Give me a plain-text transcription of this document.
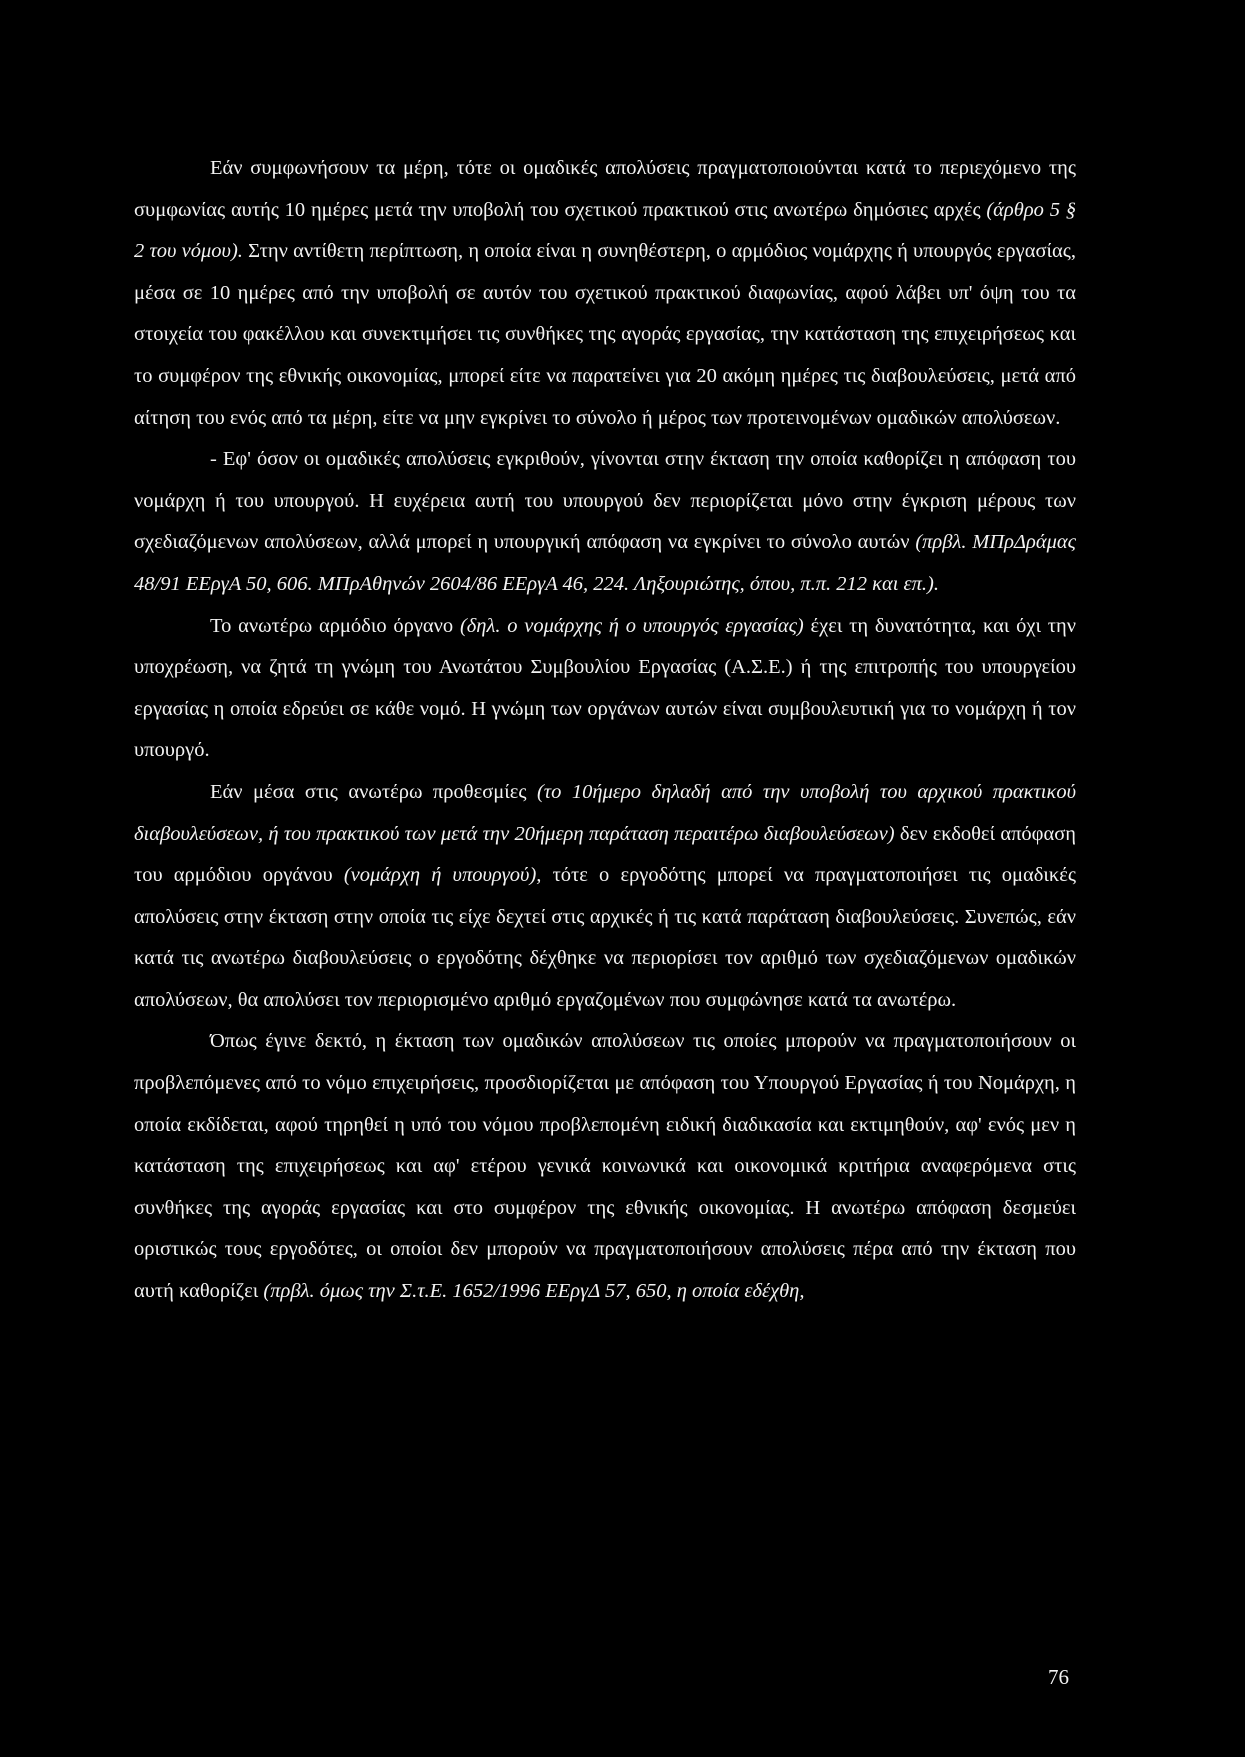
Εάν συμφωνήσουν τα μέρη, τότε οι ομαδικές απολύσεις πραγματοποιούνται κατά το περιεχόμενο της συμφωνίας αυτής 10 ημέρες μετά την υποβολή του σχετικού πρακτικού στις ανωτέρω δημόσιες αρχές (άρθρο 5 § 2 του νόμου). Στην αντίθετη περίπτωση, η οποία είναι η συνηθέστερη, ο αρμόδιος νομάρχης ή υπουργός εργασίας, μέσα σε 10 ημέρες από την υποβολή σε αυτόν του σχετικού πρακτικού διαφωνίας, αφού λάβει υπ' όψη του τα στοιχεία του φακέλλου και συνεκτιμήσει τις συνθήκες της αγοράς εργασίας, την κατάσταση της επιχειρήσεως και το συμφέρον της εθνικής οικονομίας, μπορεί είτε να παρατείνει για 20 ακόμη ημέρες τις διαβουλεύσεις, μετά από αίτηση του ενός από τα μέρη, είτε να μην εγκρίνει το σύνολο ή μέρος των προτεινομένων ομαδικών απολύσεων.

- Εφ' όσον οι ομαδικές απολύσεις εγκριθούν, γίνονται στην έκταση την οποία καθορίζει η απόφαση του νομάρχη ή του υπουργού. Η ευχέρεια αυτή του υπουργού δεν περιορίζεται μόνο στην έγκριση μέρους των σχεδιαζόμενων απολύσεων, αλλά μπορεί η υπουργική απόφαση να εγκρίνει το σύνολο αυτών (πρβλ. ΜΠρΔράμας 48/91 ΕΕργΑ 50, 606. ΜΠρΑθηνών 2604/86 ΕΕργΑ 46, 224. Ληξουριώτης, όπου, π.π. 212 και επ.).

Το ανωτέρω αρμόδιο όργανο (δηλ. ο νομάρχης ή ο υπουργός εργασίας) έχει τη δυνατότητα, και όχι την υποχρέωση, να ζητά τη γνώμη του Ανωτάτου Συμβουλίου Εργασίας (Α.Σ.Ε.) ή της επιτροπής του υπουργείου εργασίας η οποία εδρεύει σε κάθε νομό. Η γνώμη των οργάνων αυτών είναι συμβουλευτική για το νομάρχη ή τον υπουργό.

Εάν μέσα στις ανωτέρω προθεσμίες (το 10ήμερο δηλαδή από την υποβολή του αρχικού πρακτικού διαβουλεύσεων, ή του πρακτικού των μετά την 20ήμερη παράταση περαιτέρω διαβουλεύσεων) δεν εκδοθεί απόφαση του αρμόδιου οργάνου (νομάρχη ή υπουργού), τότε ο εργοδότης μπορεί να πραγματοποιήσει τις ομαδικές απολύσεις στην έκταση στην οποία τις είχε δεχτεί στις αρχικές ή τις κατά παράταση διαβουλεύσεις. Συνεπώς, εάν κατά τις ανωτέρω διαβουλεύσεις ο εργοδότης δέχθηκε να περιορίσει τον αριθμό των σχεδιαζόμενων ομαδικών απολύσεων, θα απολύσει τον περιορισμένο αριθμό εργαζομένων που συμφώνησε κατά τα ανωτέρω.

Όπως έγινε δεκτό, η έκταση των ομαδικών απολύσεων τις οποίες μπορούν να πραγματοποιήσουν οι προβλεπόμενες από το νόμο επιχειρήσεις, προσδιορίζεται με απόφαση του Υπουργού Εργασίας ή του Νομάρχη, η οποία εκδίδεται, αφού τηρηθεί η υπό του νόμου προβλεπομένη ειδική διαδικασία και εκτιμηθούν, αφ' ενός μεν η κατάσταση της επιχειρήσεως και αφ' ετέρου γενικά κοινωνικά και οικονομικά κριτήρια αναφερόμενα στις συνθήκες της αγοράς εργασίας και στο συμφέρον της εθνικής οικονομίας. Η ανωτέρω απόφαση δεσμεύει οριστικώς τους εργοδότες, οι οποίοι δεν μπορούν να πραγματοποιήσουν απολύσεις πέρα από την έκταση που αυτή καθορίζει (πρβλ. όμως την Σ.τ.Ε. 1652/1996 ΕΕργΔ 57, 650, η οποία εδέχθη,

76
